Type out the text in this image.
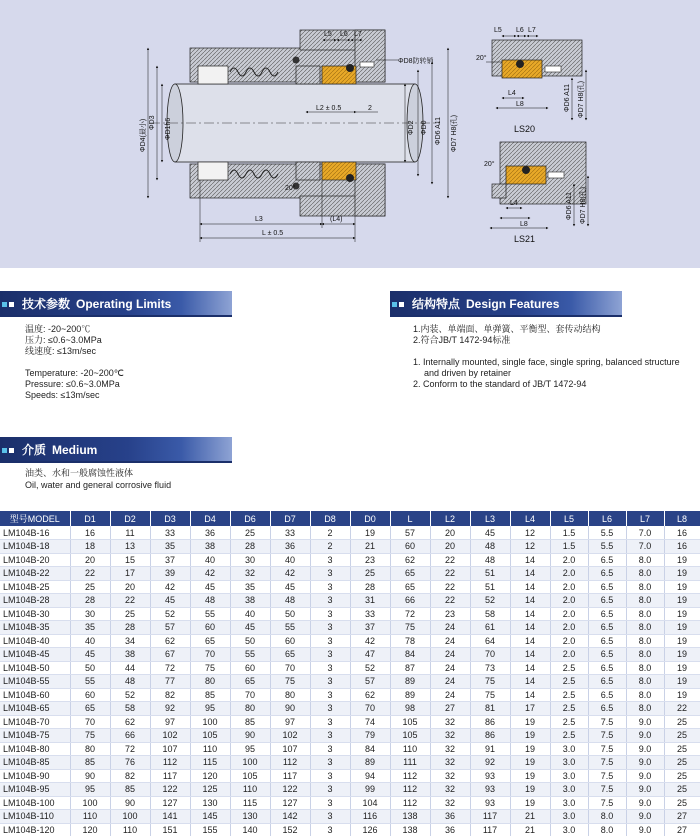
L5 L6 L7
ΦD8防转销
L2 ± 0.5	2
20°
L3	(L4)
L ± 0.5
ΦD4(最小) ΦD3 ΦD1h6	ΦD2 ΦD0 ΦD6 A11 ΦD7 H8(孔)
L5 L6 L7
20°
L4
L8	ΦD6 A11 ΦD7 H8(孔)
LS20
20°
L4
L8
ΦD6 A11 ΦD7 H8(孔)
LS21
技术参数 Operating Limits
温度: -20~200℃
压力: ≤0.6~3.0MPa
线速度: ≤13m/sec
Temperature: -20~200℃
Pressure: ≤0.6~3.0MPa
Speeds: ≤13m/sec
结构特点 Design Features
1.内装、单端面、单弹簧、平衡型、套传动结构
2.符合JB/T 1472-94标准
1. Internally mounted, single face, single spring, balanced structure
and driven by retainer
2. Conform to the standard of JB/T 1472-94
介质 Medium
油类、水和一般腐蚀性液体
Oil, water and general corrosive fluid
型号MODEL	D1	D2	D3	D4	D6	D7	D8	D0	L	L2	L3	L4	L5	L6	L7	L8
LM104B-16	16	11	33	36	25	33	2	19	57	20	45	12	1.5	5.5	7.0	16
LM104B-18	18	13	35	38	28	36	2	21	60	20	48	12	1.5	5.5	7.0	16
LM104B-20	20	15	37	40	30	40	3	23	62	22	48	14	2.0	6.5	8.0	19
LM104B-22	22	17	39	42	32	42	3	25	65	22	51	14	2.0	6.5	8.0	19
LM104B-25	25	20	42	45	35	45	3	28	65	22	51	14	2.0	6.5	8.0	19
LM104B-28	28	22	45	48	38	48	3	31	66	22	52	14	2.0	6.5	8.0	19
LM104B-30	30	25	52	55	40	50	3	33	72	23	58	14	2.0	6.5	8.0	19
LM104B-35	35	28	57	60	45	55	3	37	75	24	61	14	2.0	6.5	8.0	19
LM104B-40	40	34	62	65	50	60	3	42	78	24	64	14	2.0	6.5	8.0	19
LM104B-45	45	38	67	70	55	65	3	47	84	24	70	14	2.0	6.5	8.0	19
LM104B-50	50	44	72	75	60	70	3	52	87	24	73	14	2.5	6.5	8.0	19
LM104B-55	55	48	77	80	65	75	3	57	89	24	75	14	2.5	6.5	8.0	19
LM104B-60	60	52	82	85	70	80	3	62	89	24	75	14	2.5	6.5	8.0	19
LM104B-65	65	58	92	95	80	90	3	70	98	27	81	17	2.5	6.5	8.0	22
LM104B-70	70	62	97	100	85	97	3	74	105	32	86	19	2.5	7.5	9.0	25
LM104B-75	75	66	102	105	90	102	3	79	105	32	86	19	2.5	7.5	9.0	25
LM104B-80	80	72	107	110	95	107	3	84	110	32	91	19	3.0	7.5	9.0	25
LM104B-85	85	76	112	115	100	112	3	89	111	32	92	19	3.0	7.5	9.0	25
LM104B-90	90	82	117	120	105	117	3	94	112	32	93	19	3.0	7.5	9.0	25
LM104B-95	95	85	122	125	110	122	3	99	112	32	93	19	3.0	7.5	9.0	25
LM104B-100	100	90	127	130	115	127	3	104	112	32	93	19	3.0	7.5	9.0	25
LM104B-110	110	100	141	145	130	142	3	116	138	36	117	21	3.0	8.0	9.0	27
LM104B-120	120	110	151	155	140	152	3	126	138	36	117	21	3.0	8.0	9.0	27
